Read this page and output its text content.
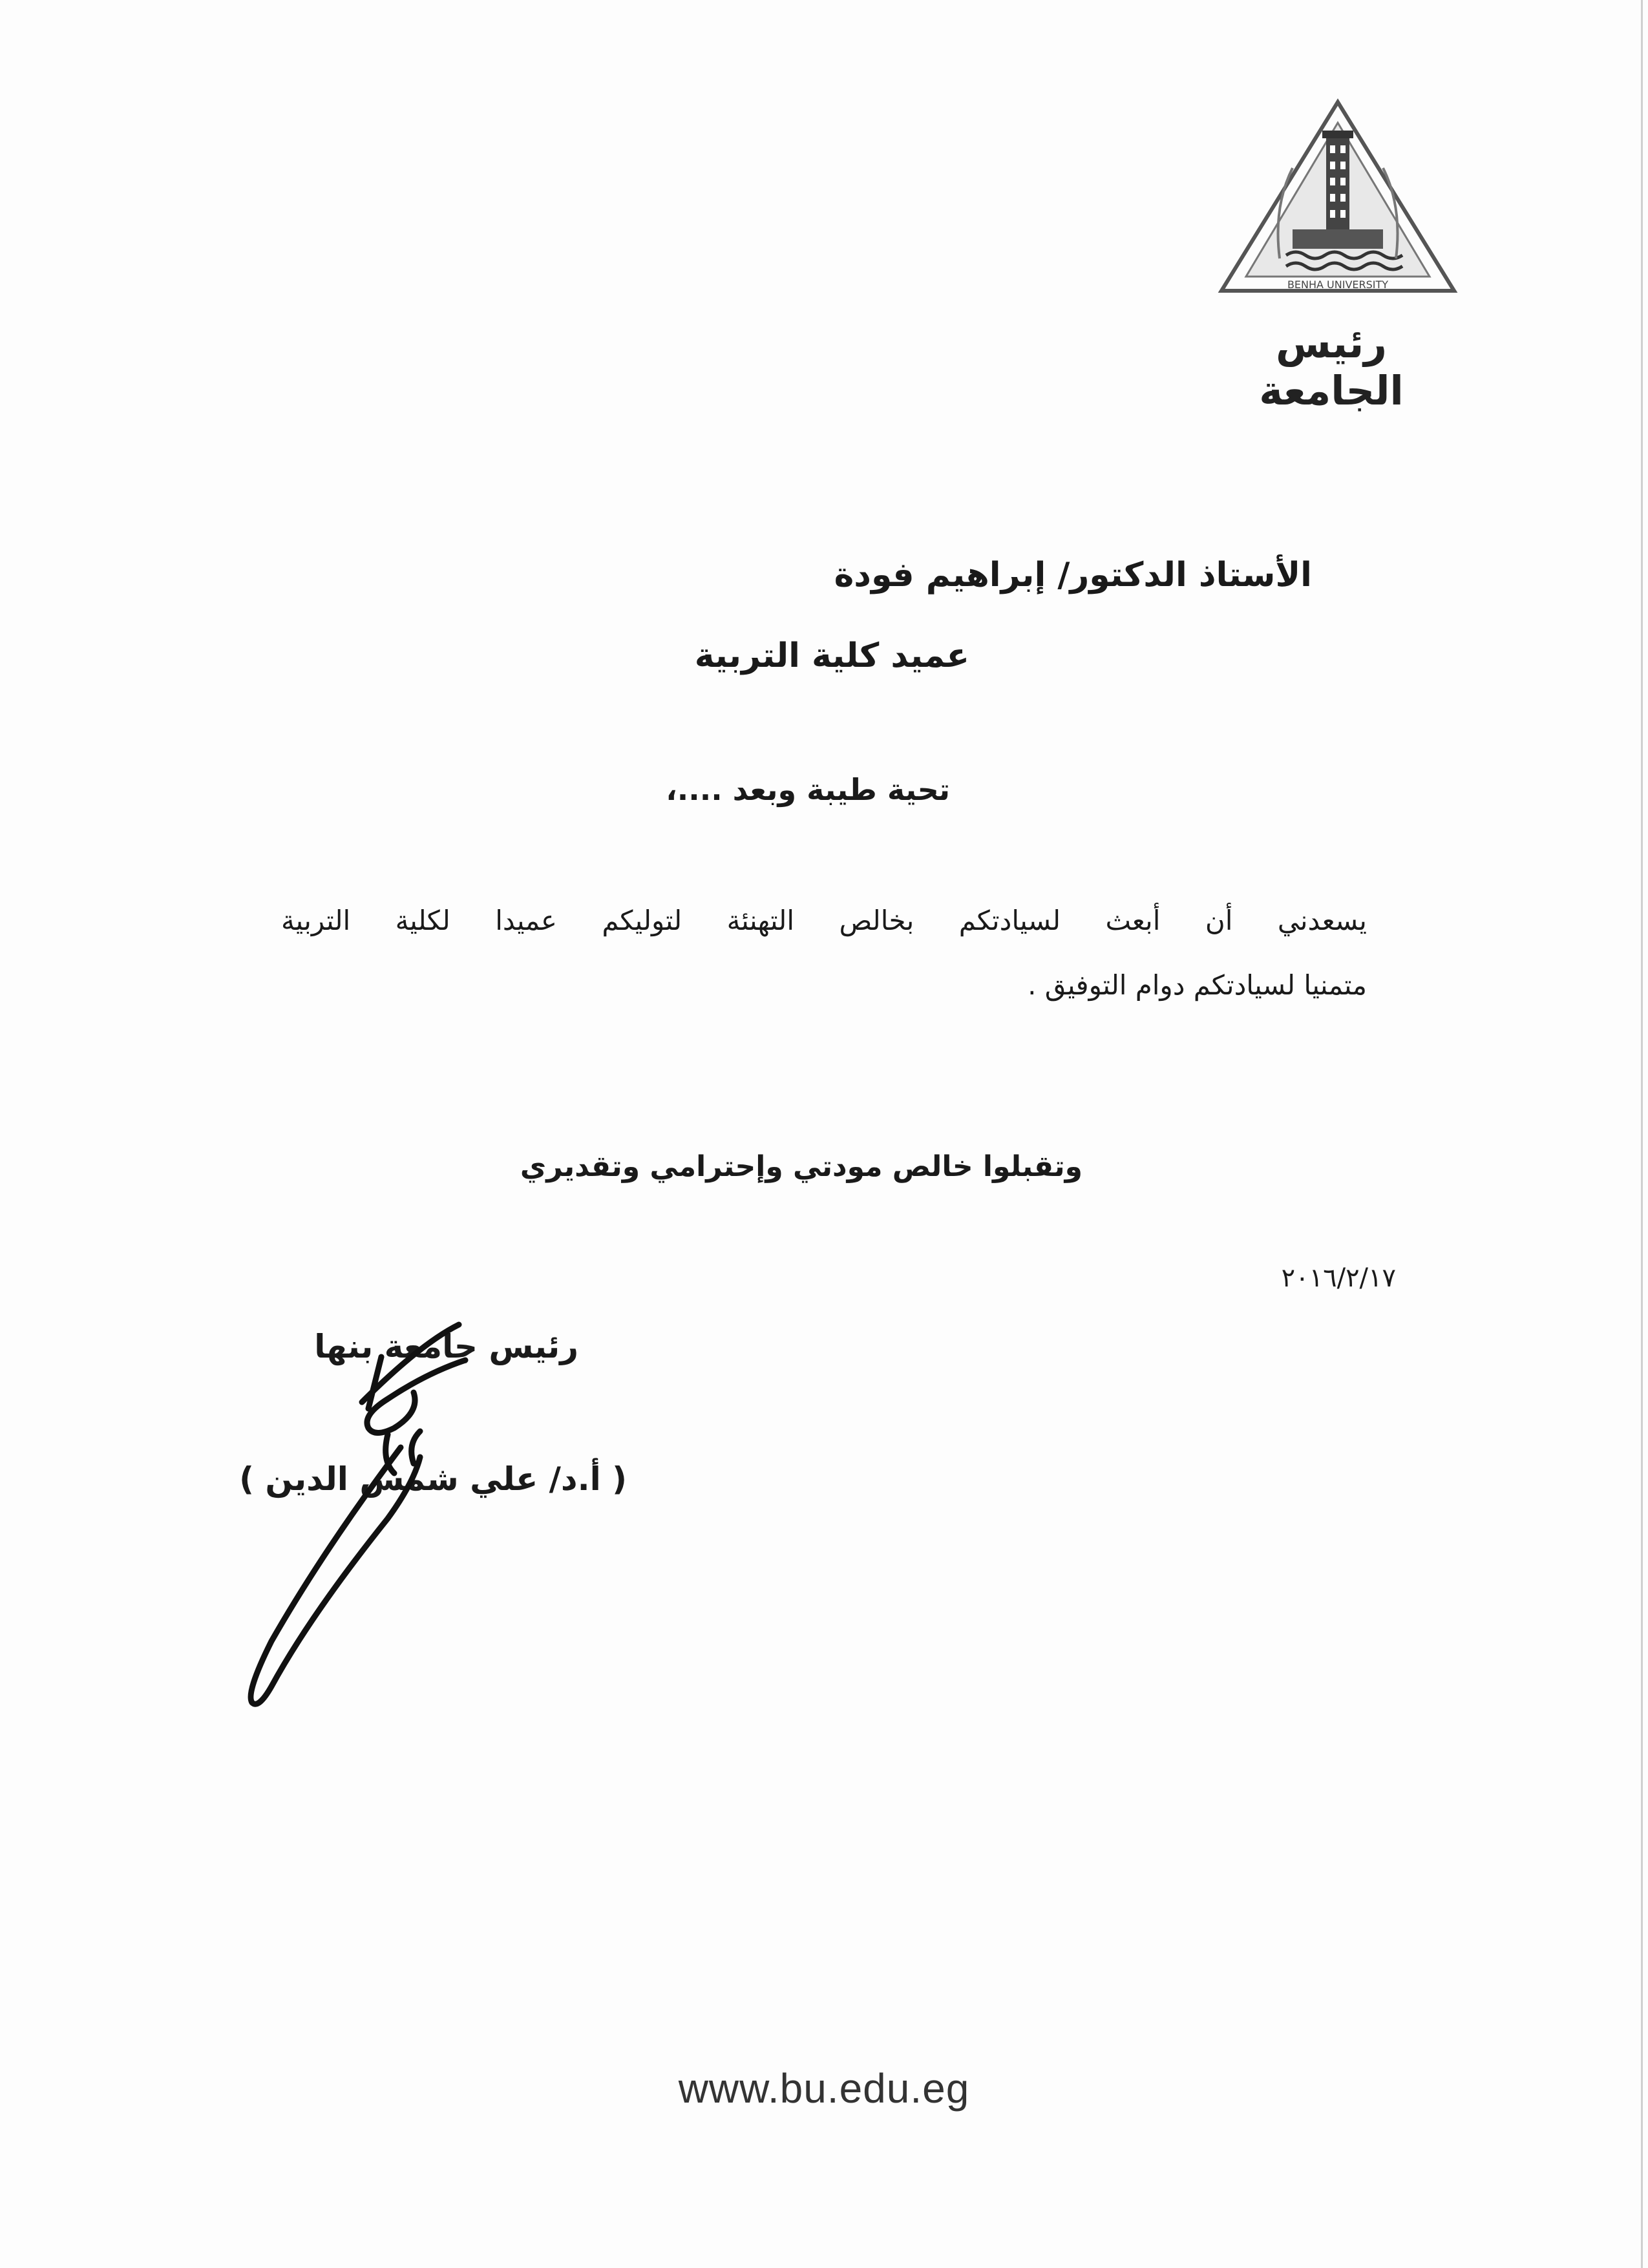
BENHA UNIVERSITY
رئيس الجامعة
الأستاذ الدكتور/ إبراهيم فودة
عميد كلية التربية
تحية طيبة وبعد ....،
يسعدني أن أبعث لسيادتكم بخالص التهنئة لتوليكم عميدا لكلية التربية
متمنيا لسيادتكم دوام التوفيق .
وتقبلوا خالص مودتي وإحترامي وتقديري
٢٠١٦/٢/١٧
رئيس جامعة بنها
( أ.د/ علي شمس الدين )
www.bu.edu.eg
